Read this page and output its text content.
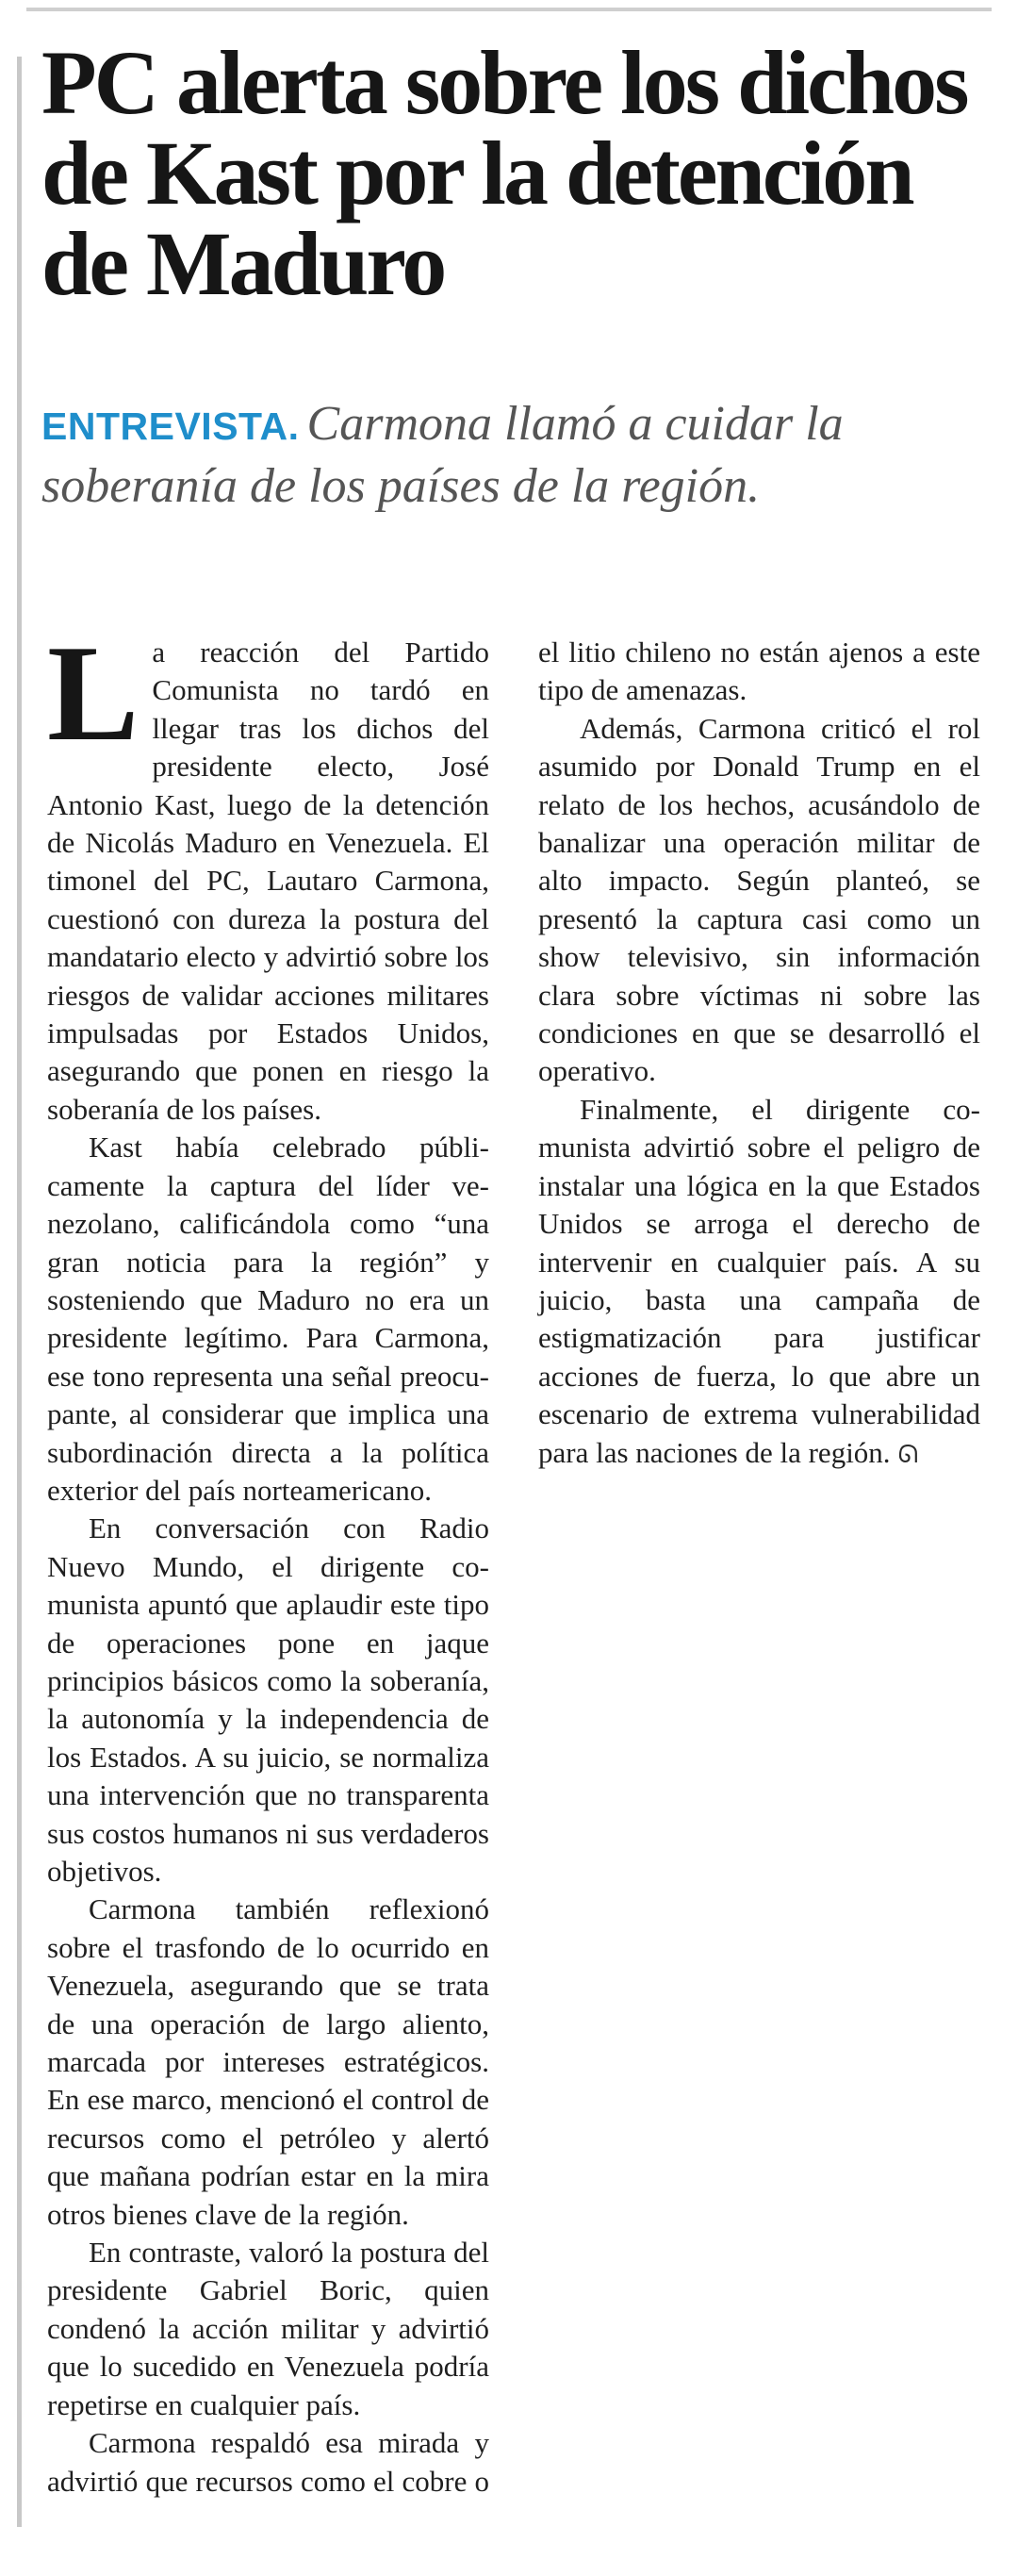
PC alerta sobre los dichos de Kast por la detención de Maduro

ENTREVISTA. Carmona llamó a cuidar la soberanía de los países de la región.

La reacción del Partido Comunista no tardó en llegar tras los dichos del presidente electo, José Antonio Kast, luego de la detención de Nicolás Maduro en Venezuela. El timonel del PC, Lautaro Carmona, cuestionó con dureza la postura del mandatario electo y advirtió sobre los riesgos de validar acciones militares impulsadas por Estados Unidos, asegurando que ponen en riesgo la soberanía de los países.

Kast había celebrado públicamente la captura del líder venezolano, calificándola como “una gran noticia para la región” y sosteniendo que Maduro no era un presidente legítimo. Para Carmona, ese tono representa una señal preocupante, al considerar que implica una subordinación directa a la política exterior del país norteamericano.

En conversación con Radio Nuevo Mundo, el dirigente comunista apuntó que aplaudir este tipo de operaciones pone en jaque principios básicos como la soberanía, la autonomía y la independencia de los Estados. A su juicio, se normaliza una intervención que no transparenta sus costos humanos ni sus verdaderos objetivos.

Carmona también reflexionó sobre el trasfondo de lo ocurrido en Venezuela, asegurando que se trata de una operación de largo aliento, marcada por intereses estratégicos. En ese marco, mencionó el control de recursos como el petróleo y alertó que mañana podrían estar en la mira otros bienes clave de la región.

En contraste, valoró la postura del presidente Gabriel Boric, quien condenó la acción militar y advirtió que lo sucedido en Venezuela podría repetirse en cualquier país.

Carmona respaldó esa mirada y advirtió que recursos como el cobre o el litio chileno no están ajenos a este tipo de amenazas.

Además, Carmona criticó el rol asumido por Donald Trump en el relato de los hechos, acusándolo de banalizar una operación militar de alto impacto. Según planteó, se presentó la captura casi como un show televisivo, sin información clara sobre víctimas ni sobre las condiciones en que se desarrolló el operativo.

Finalmente, el dirigente comunista advirtió sobre el peligro de instalar una lógica en la que Estados Unidos se arroga el derecho de intervenir en cualquier país. A su juicio, basta una campaña de estigmatización para justificar acciones de fuerza, lo que abre un escenario de extrema vulnerabilidad para las naciones de la región. ᘏ
